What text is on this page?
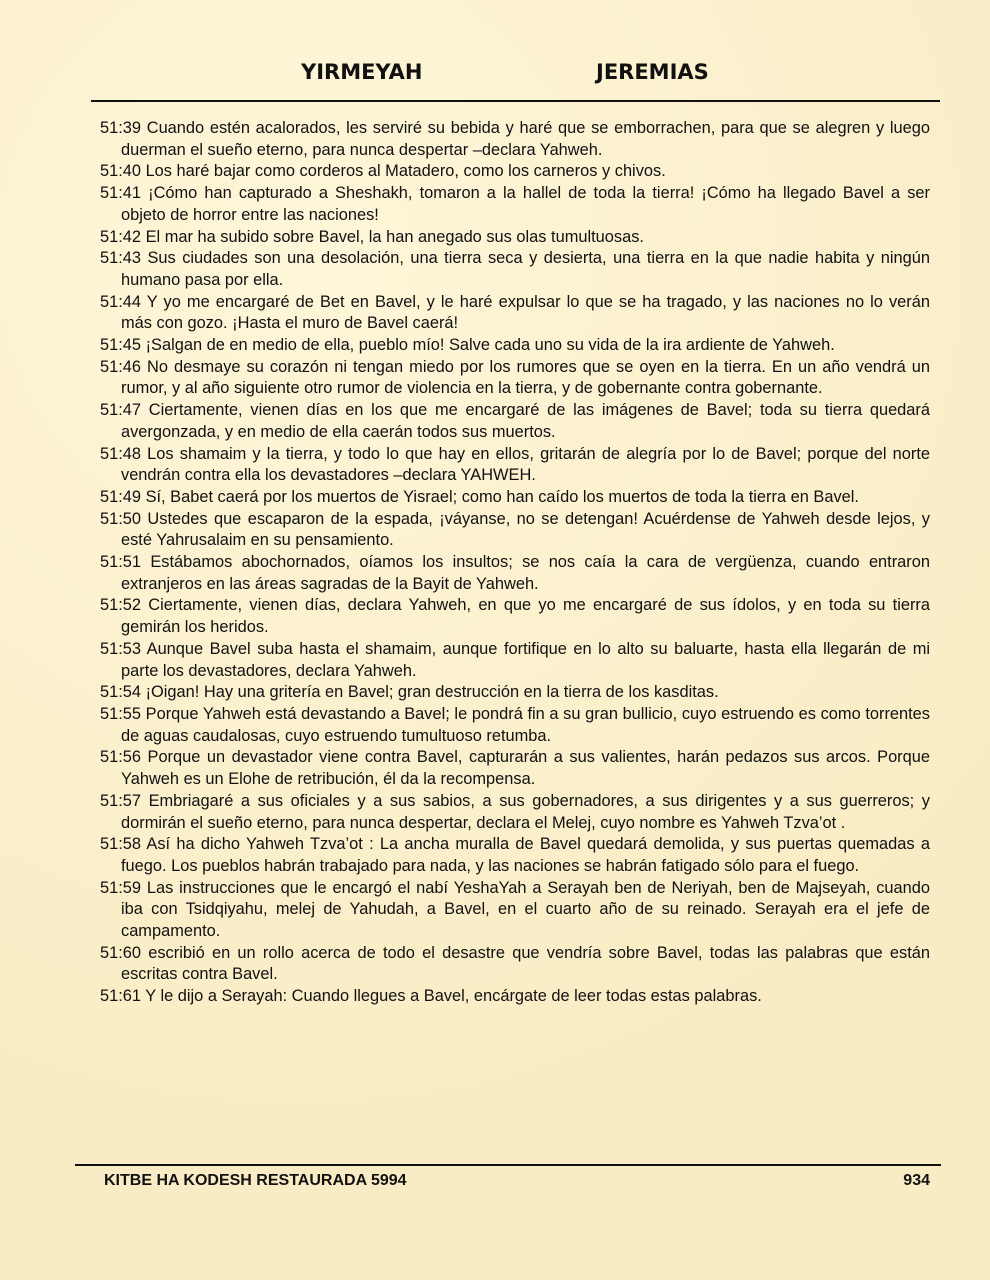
YIRMEYAH	JEREMIAS

51:39 Cuando estén acalorados, les serviré su bebida y haré que se emborrachen, para que se alegren y luego duerman el sueño eterno, para nunca despertar –declara Yahweh.

51:40 Los haré bajar como corderos al Matadero, como los carneros y chivos.

51:41 ¡Cómo han capturado a Sheshakh, tomaron a la hallel de toda la tierra! ¡Cómo ha llegado Bavel a ser objeto de horror entre las naciones!

51:42 El mar ha subido sobre Bavel, la han anegado sus olas tumultuosas.

51:43 Sus ciudades son una desolación, una tierra seca y desierta, una tierra en la que nadie habita y ningún humano pasa por ella.

51:44 Y yo me encargaré de Bet en Bavel, y le haré expulsar lo que se ha tragado, y las naciones no lo verán más con gozo. ¡Hasta el muro de Bavel caerá!

51:45 ¡Salgan de en medio de ella, pueblo mío! Salve cada uno su vida de la ira ardiente de Yahweh.

51:46 No desmaye su corazón ni tengan miedo por los rumores que se oyen en la tierra. En un año vendrá un rumor, y al año siguiente otro rumor de violencia en la tierra, y de gobernante contra gobernante.

51:47 Ciertamente, vienen días en los que me encargaré de las imágenes de Bavel; toda su tierra quedará avergonzada, y en medio de ella caerán todos sus muertos.

51:48 Los shamaim y la tierra, y todo lo que hay en ellos, gritarán de alegría por lo de Bavel; porque del norte vendrán contra ella los devastadores –declara YAHWEH.

51:49 Sí, Babet caerá por los muertos de Yisrael; como han caído los muertos de toda la tierra en Bavel.

51:50 Ustedes que escaparon de la espada, ¡váyanse, no se detengan! Acuérdense de Yahweh desde lejos, y esté Yahrusalaim en su pensamiento.

51:51 Estábamos abochornados, oíamos los insultos; se nos caía la cara de vergüenza, cuando entraron extranjeros en las áreas sagradas de la Bayit de Yahweh.

51:52 Ciertamente, vienen días, declara Yahweh, en que yo me encargaré de sus ídolos, y en toda su tierra gemirán los heridos.

51:53 Aunque Bavel suba hasta el shamaim, aunque fortifique en lo alto su baluarte, hasta ella llegarán de mi parte los devastadores, declara Yahweh.

51:54 ¡Oigan! Hay una gritería en Bavel; gran destrucción en la tierra de los kasditas.

51:55 Porque Yahweh está devastando a Bavel; le pondrá fin a su gran bullicio, cuyo estruendo es como torrentes de aguas caudalosas, cuyo estruendo tumultuoso retumba.

51:56 Porque un devastador viene contra Bavel, capturarán a sus valientes, harán pedazos sus arcos. Porque Yahweh es un Elohe de retribución, él da la recompensa.

51:57 Embriagaré a sus oficiales y a sus sabios, a sus gobernadores, a sus dirigentes y a sus guerreros; y dormirán el sueño eterno, para nunca despertar, declara el Melej, cuyo nombre es Yahweh Tzva’ot .

51:58 Así ha dicho Yahweh Tzva’ot : La ancha muralla de Bavel quedará demolida, y sus puertas quemadas a fuego. Los pueblos habrán trabajado para nada, y las naciones se habrán fatigado sólo para el fuego.

51:59 Las instrucciones que le encargó el nabí YeshaYah a Serayah ben de Neriyah, ben de Majseyah, cuando iba con Tsidqiyahu, melej de Yahudah, a Bavel, en el cuarto año de su reinado. Serayah era el jefe de campamento.

51:60 escribió en un rollo acerca de todo el desastre que vendría sobre Bavel, todas las palabras que están escritas contra Bavel.

51:61 Y le dijo a Serayah: Cuando llegues a Bavel, encárgate de leer todas estas palabras.

KITBE HA KODESH RESTAURADA 5994	934
